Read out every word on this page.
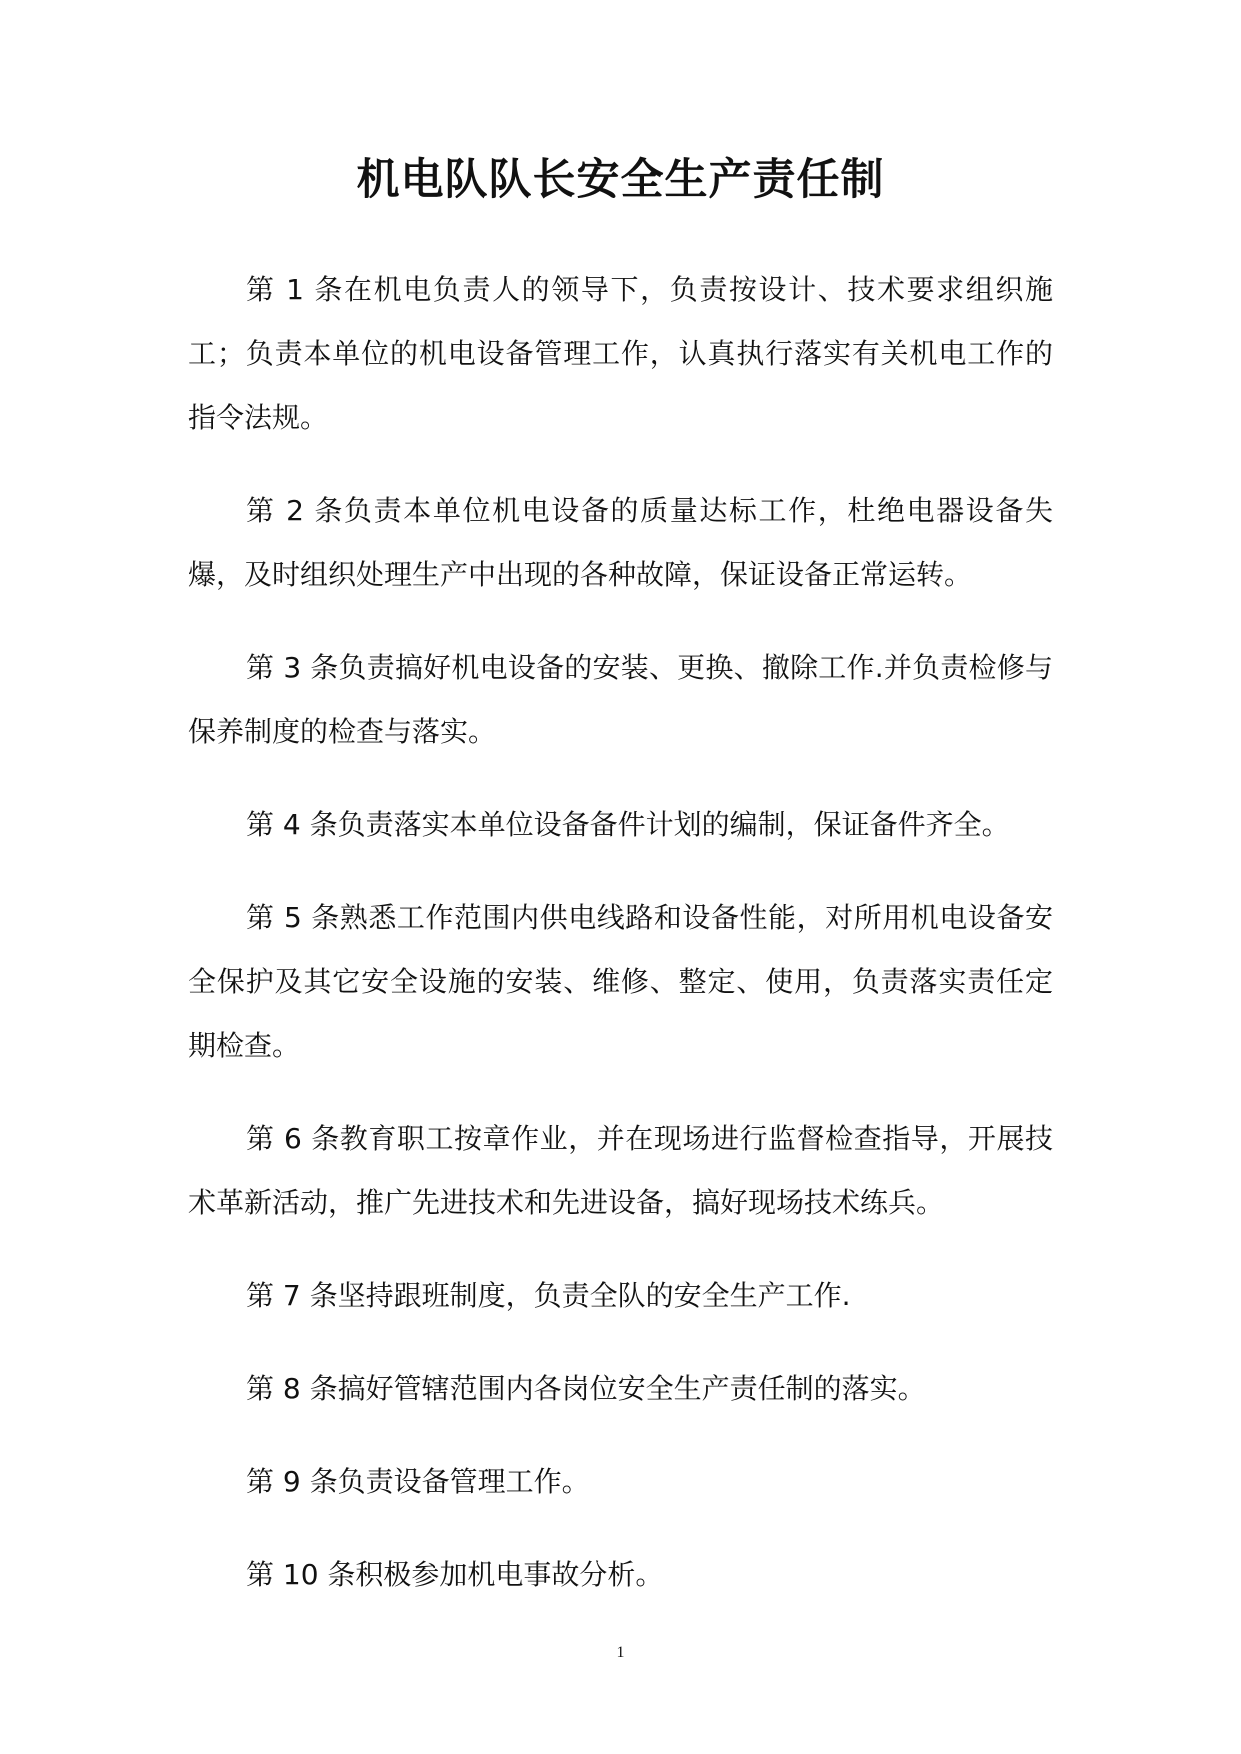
机电队队长安全生产责任制

第 1 条在机电负责人的领导下，负责按设计、技术要求组织施工；负责本单位的机电设备管理工作，认真执行落实有关机电工作的指令法规。

第 2 条负责本单位机电设备的质量达标工作，杜绝电器设备失爆，及时组织处理生产中出现的各种故障，保证设备正常运转。

第 3 条负责搞好机电设备的安装、更换、撤除工作.并负责检修与保养制度的检查与落实。

第 4 条负责落实本单位设备备件计划的编制，保证备件齐全。

第 5 条熟悉工作范围内供电线路和设备性能，对所用机电设备安全保护及其它安全设施的安装、维修、整定、使用，负责落实责任定期检查。

第 6 条教育职工按章作业，并在现场进行监督检查指导，开展技术革新活动，推广先进技术和先进设备，搞好现场技术练兵。

第 7 条坚持跟班制度，负责全队的安全生产工作.

第 8 条搞好管辖范围内各岗位安全生产责任制的落实。

第 9 条负责设备管理工作。

第 10 条积极参加机电事故分析。

1
